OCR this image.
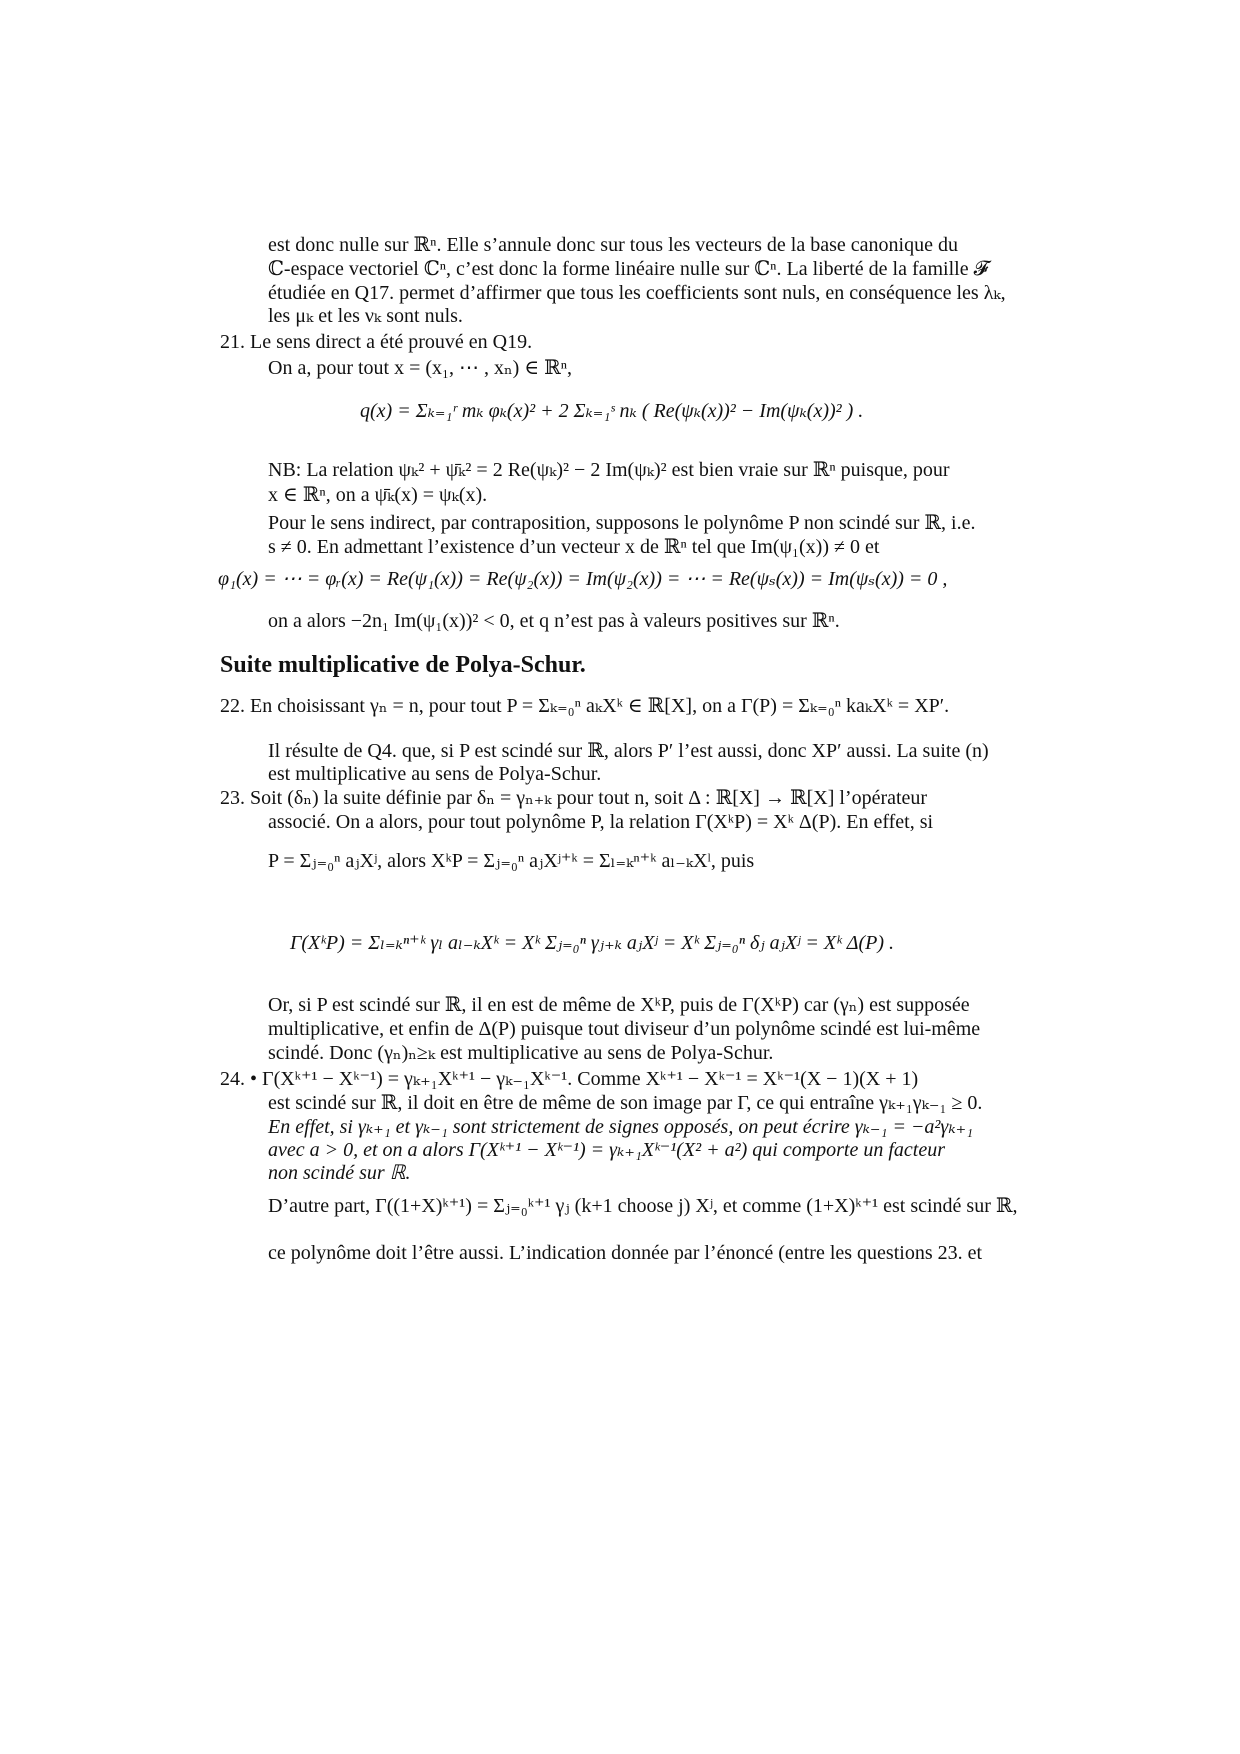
est donc nulle sur ℝⁿ. Elle s’annule donc sur tous les vecteurs de la base canonique du
ℂ-espace vectoriel ℂⁿ, c’est donc la forme linéaire nulle sur ℂⁿ. La liberté de la famille 𝓕
étudiée en Q17. permet d’affirmer que tous les coefficients sont nuls, en conséquence les λₖ,
les μₖ et les νₖ sont nuls.
21. Le sens direct a été prouvé en Q19.
On a, pour tout x = (x₁, ⋯ , xₙ) ∈ ℝⁿ,
q(x) = Σₖ₌₁ʳ mₖ φₖ(x)² + 2 Σₖ₌₁ˢ nₖ ( Re(ψₖ(x))² − Im(ψₖ(x))² ) .
NB: La relation ψₖ² + ψ̄ₖ² = 2 Re(ψₖ)² − 2 Im(ψₖ)² est bien vraie sur ℝⁿ puisque, pour
x ∈ ℝⁿ, on a ψ̄ₖ(x) = ψₖ(x).
Pour le sens indirect, par contraposition, supposons le polynôme P non scindé sur ℝ, i.e.
s ≠ 0. En admettant l’existence d’un vecteur x de ℝⁿ tel que Im(ψ₁(x)) ≠ 0 et
φ₁(x) = ⋯ = φᵣ(x) = Re(ψ₁(x)) = Re(ψ₂(x)) = Im(ψ₂(x)) = ⋯ = Re(ψₛ(x)) = Im(ψₛ(x)) = 0 ,
on a alors −2n₁ Im(ψ₁(x))² < 0, et q n’est pas à valeurs positives sur ℝⁿ.
Suite multiplicative de Polya-Schur.
22. En choisissant γₙ = n, pour tout P = Σₖ₌₀ⁿ aₖXᵏ ∈ ℝ[X], on a Γ(P) = Σₖ₌₀ⁿ kaₖXᵏ = XP′.
Il résulte de Q4. que, si P est scindé sur ℝ, alors P′ l’est aussi, donc XP′ aussi. La suite (n)
est multiplicative au sens de Polya-Schur.
23. Soit (δₙ) la suite définie par δₙ = γₙ₊ₖ pour tout n, soit Δ : ℝ[X] → ℝ[X] l’opérateur
associé. On a alors, pour tout polynôme P, la relation Γ(XᵏP) = Xᵏ Δ(P). En effet, si
P = Σⱼ₌₀ⁿ aⱼXʲ, alors XᵏP = Σⱼ₌₀ⁿ aⱼXʲ⁺ᵏ = Σₗ₌ₖⁿ⁺ᵏ aₗ₋ₖXˡ, puis
Γ(XᵏP) = Σₗ₌ₖⁿ⁺ᵏ γₗ aₗ₋ₖXᵏ = Xᵏ Σⱼ₌₀ⁿ γⱼ₊ₖ aⱼXʲ = Xᵏ Σⱼ₌₀ⁿ δⱼ aⱼXʲ = Xᵏ Δ(P) .
Or, si P est scindé sur ℝ, il en est de même de XᵏP, puis de Γ(XᵏP) car (γₙ) est supposée
multiplicative, et enfin de Δ(P) puisque tout diviseur d’un polynôme scindé est lui-même
scindé. Donc (γₙ)ₙ≥ₖ est multiplicative au sens de Polya-Schur.
24. • Γ(Xᵏ⁺¹ − Xᵏ⁻¹) = γₖ₊₁Xᵏ⁺¹ − γₖ₋₁Xᵏ⁻¹. Comme Xᵏ⁺¹ − Xᵏ⁻¹ = Xᵏ⁻¹(X − 1)(X + 1)
est scindé sur ℝ, il doit en être de même de son image par Γ, ce qui entraîne γₖ₊₁γₖ₋₁ ≥ 0.
En effet, si γₖ₊₁ et γₖ₋₁ sont strictement de signes opposés, on peut écrire γₖ₋₁ = −a²γₖ₊₁
avec a > 0, et on a alors Γ(Xᵏ⁺¹ − Xᵏ⁻¹) = γₖ₊₁Xᵏ⁻¹(X² + a²) qui comporte un facteur
non scindé sur ℝ.
D’autre part, Γ((1+X)ᵏ⁺¹) = Σⱼ₌₀ᵏ⁺¹ γⱼ (k+1 choose j) Xʲ, et comme (1+X)ᵏ⁺¹ est scindé sur ℝ,
ce polynôme doit l’être aussi. L’indication donnée par l’énoncé (entre les questions 23. et
